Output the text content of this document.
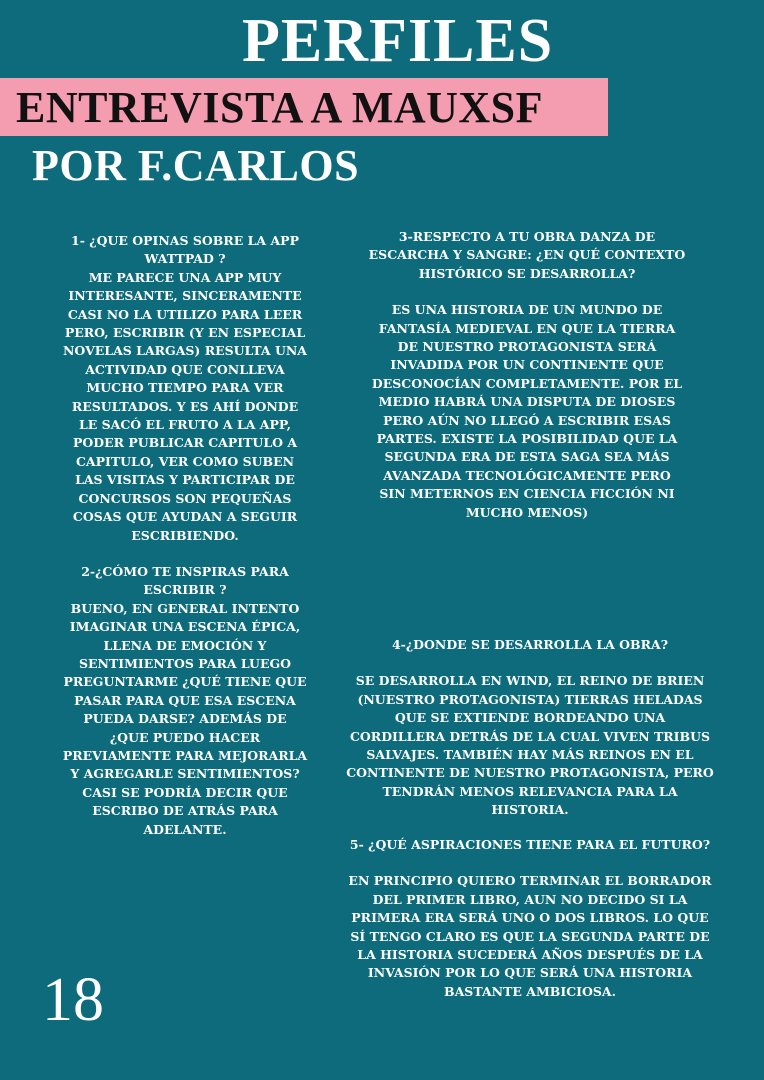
PERFILES
ENTREVISTA A MAUXSF
POR F.CARLOS

1- ¿QUE OPINAS SOBRE LA APP WATTPAD ?

ME PARECE UNA APP MUY INTERESANTE, SINCERAMENTE CASI NO LA UTILIZO PARA LEER PERO, ESCRIBIR (Y EN ESPECIAL NOVELAS LARGAS) RESULTA UNA ACTIVIDAD QUE CONLLEVA MUCHO TIEMPO PARA VER RESULTADOS. Y ES AHÍ DONDE LE SACÓ EL FRUTO A LA APP, PODER PUBLICAR CAPITULO A CAPITULO, VER COMO SUBEN LAS VISITAS Y PARTICIPAR DE CONCURSOS SON PEQUEÑAS COSAS QUE AYUDAN A SEGUIR ESCRIBIENDO.

2-¿CÓMO TE INSPIRAS PARA ESCRIBIR ?

BUENO, EN GENERAL INTENTO IMAGINAR UNA ESCENA ÉPICA, LLENA DE EMOCIÓN Y SENTIMIENTOS PARA LUEGO PREGUNTARME ¿QUÉ TIENE QUE PASAR PARA QUE ESA ESCENA PUEDA DARSE? ADEMÁS DE ¿QUE PUEDO HACER PREVIAMENTE PARA MEJORARLA Y AGREGARLE SENTIMIENTOS? CASI SE PODRÍA DECIR QUE ESCRIBO DE ATRÁS PARA ADELANTE.

3-RESPECTO A TU OBRA DANZA DE ESCARCHA Y SANGRE: ¿EN QUÉ CONTEXTO HISTÓRICO SE DESARROLLA?

ES UNA HISTORIA DE UN MUNDO DE FANTASÍA MEDIEVAL EN QUE LA TIERRA DE NUESTRO PROTAGONISTA SERÁ INVADIDA POR UN CONTINENTE QUE DESCONOCÍAN COMPLETAMENTE. POR EL MEDIO HABRÁ UNA DISPUTA DE DIOSES PERO AÚN NO LLEGÓ A ESCRIBIR ESAS PARTES. EXISTE LA POSIBILIDAD QUE LA SEGUNDA ERA DE ESTA SAGA SEA MÁS AVANZADA TECNOLÓGICAMENTE PERO SIN METERNOS EN CIENCIA FICCIÓN NI MUCHO MENOS)

4-¿DONDE SE DESARROLLA LA OBRA?

SE DESARROLLA EN WIND, EL REINO DE BRIEN (NUESTRO PROTAGONISTA) TIERRAS HELADAS QUE SE EXTIENDE BORDEANDO UNA CORDILLERA DETRÁS DE LA CUAL VIVEN TRIBUS SALVAJES. TAMBIÉN HAY MÁS REINOS EN EL CONTINENTE DE NUESTRO PROTAGONISTA, PERO TENDRÁN MENOS RELEVANCIA PARA LA HISTORIA.

5- ¿QUÉ ASPIRACIONES TIENE PARA EL FUTURO?

EN PRINCIPIO QUIERO TERMINAR EL BORRADOR DEL PRIMER LIBRO, AUN NO DECIDO SI LA PRIMERA ERA SERÁ UNO O DOS LIBROS. LO QUE SÍ TENGO CLARO ES QUE LA SEGUNDA PARTE DE LA HISTORIA SUCEDERÁ AÑOS DESPUÉS DE LA INVASIÓN POR LO QUE SERÁ UNA HISTORIA BASTANTE AMBICIOSA.

18
